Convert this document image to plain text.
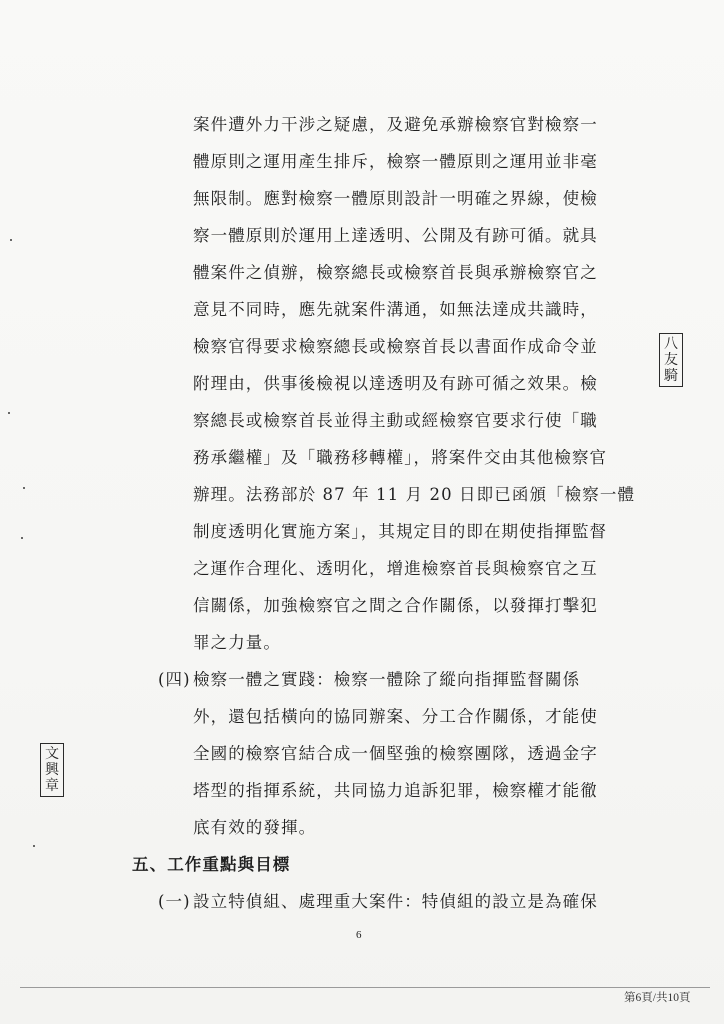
案件遭外力干涉之疑慮，及避免承辦檢察官對檢察一
體原則之運用產生排斥，檢察一體原則之運用並非毫
無限制。應對檢察一體原則設計一明確之界線，使檢
察一體原則於運用上達透明、公開及有跡可循。就具
體案件之偵辦，檢察總長或檢察首長與承辦檢察官之
意見不同時，應先就案件溝通，如無法達成共識時，
檢察官得要求檢察總長或檢察首長以書面作成命令並
附理由，供事後檢視以達透明及有跡可循之效果。檢
察總長或檢察首長並得主動或經檢察官要求行使「職
務承繼權」及「職務移轉權」，將案件交由其他檢察官
辦理。法務部於 87 年 11 月 20 日即已函頒「檢察一體
制度透明化實施方案」，其規定目的即在期使指揮監督
之運作合理化、透明化，增進檢察首長與檢察官之互
信關係，加強檢察官之間之合作關係，以發揮打擊犯
罪之力量。
(四) 檢察一體之實踐：檢察一體除了縱向指揮監督關係
外，還包括橫向的協同辦案、分工合作關係，才能使
全國的檢察官結合成一個堅強的檢察團隊，透過金字
塔型的指揮系統，共同協力追訴犯罪，檢察權才能徹
底有效的發揮。
五、工作重點與目標
(一) 設立特偵組、處理重大案件：特偵組的設立是為確保
6
第6頁/共10頁
八
友
騎
文
興
章
